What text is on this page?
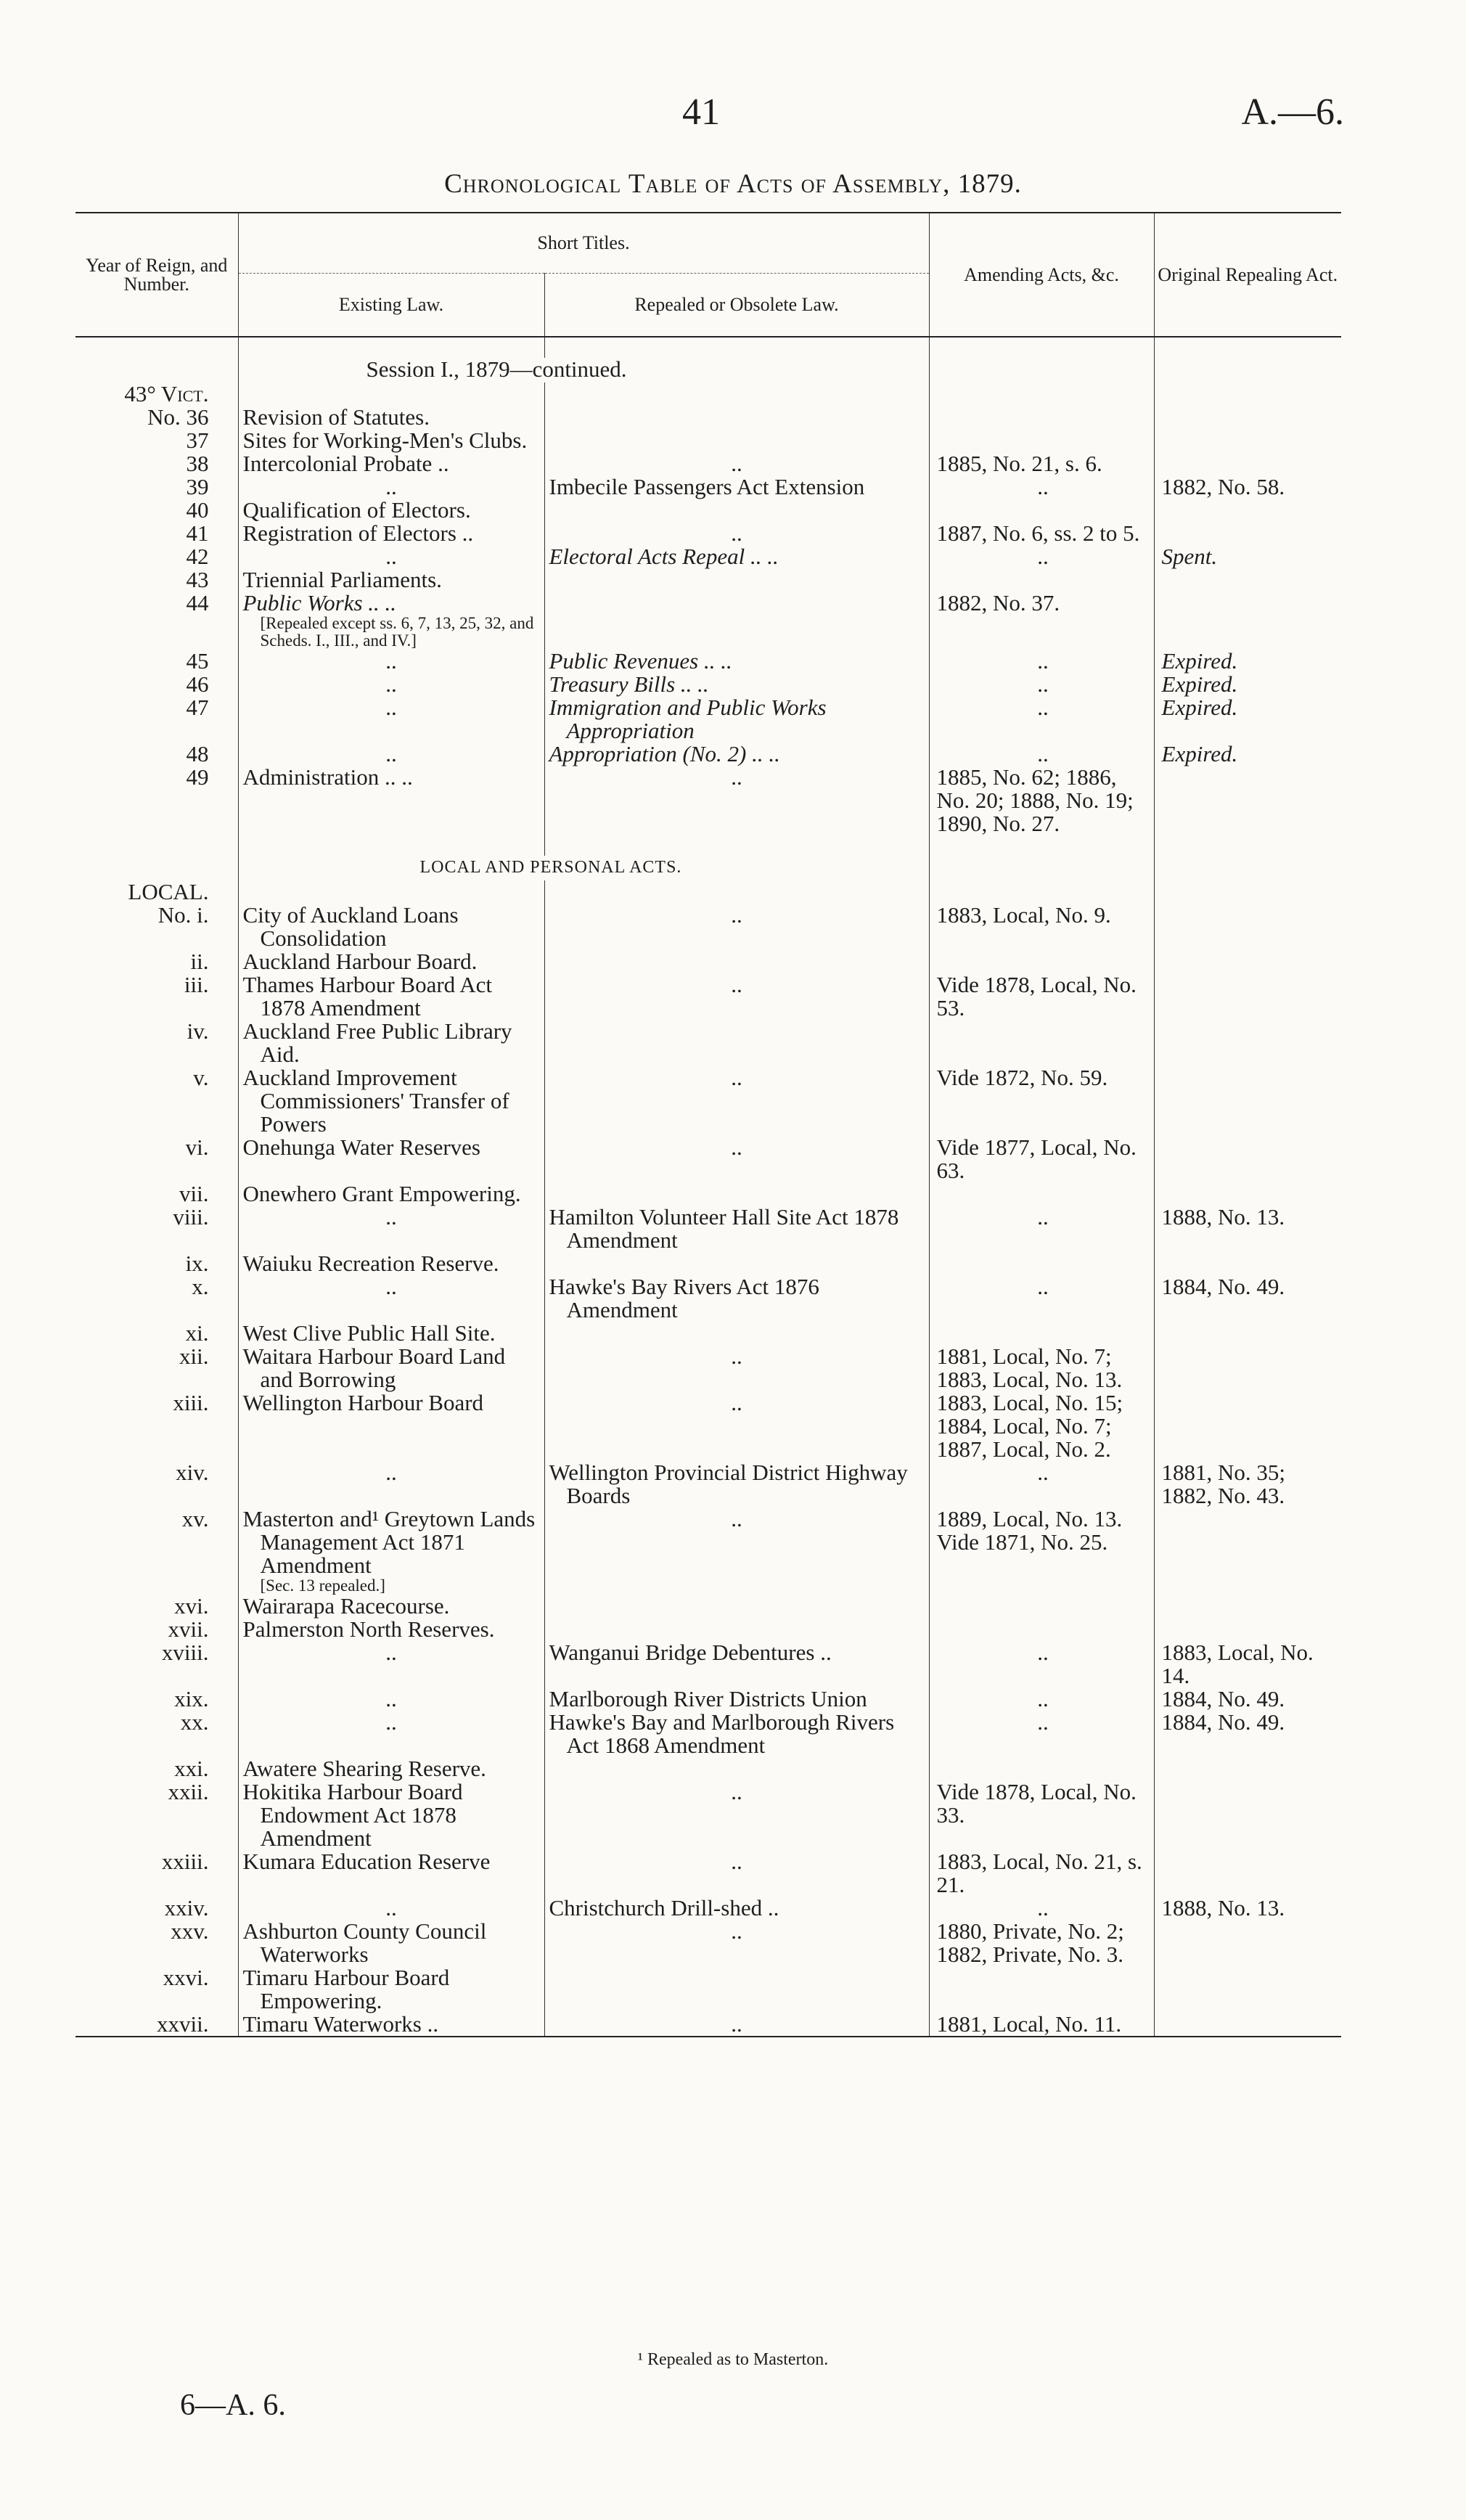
41	A.—6.
Chronological Table of Acts of Assembly, 1879.
Year of Reign, and Number.	Short Titles.		Amending Acts, &c.	Original Repealing Act.
	Existing Law.	Repealed or Obsolete Law.		

	Session I., 1879—continued.			

43° Vict.	

No. 36	Revision of Statutes.			

37	Sites for Working-Men's Clubs.			

38	Intercolonial Probate ..	..	1885, No. 21, s. 6.	
39	..	Imbecile Passengers Act Extension	..	1882, No. 58.
40	Qualification of Electors.			

41	Registration of Electors ..	..	1887, No. 6, ss. 2 to 5.	
42	..	Electoral Acts Repeal .. ..	..	Spent.
43	Triennial Parliaments.			

44	Public Works .. ..
[Repealed except ss. 6, 7, 13, 25, 32, and Scheds. I., III., and IV.]		1882, No. 37.	
45	..	Public Revenues .. ..	..	Expired.
46	..	Treasury Bills .. ..	..	Expired.
47	..	Immigration and Public Works Appropriation	..	Expired.
48	..	Appropriation (No. 2) .. ..	..	Expired.
49	Administration .. ..	..	1885, No. 62; 1886, No. 20; 1888, No. 19; 1890, No. 27.	

	LOCAL AND PERSONAL ACTS.			

LOCAL.	

No. i.	City of Auckland Loans Consolidation	..	1883, Local, No. 9.	
ii.	Auckland Harbour Board.			

iii.	Thames Harbour Board Act 1878 Amendment	..	Vide 1878, Local, No. 53.	
iv.	Auckland Free Public Library Aid.			

v.	Auckland Improvement Commissioners' Transfer of Powers	..	Vide 1872, No. 59.	
vi.	Onehunga Water Reserves	..	Vide 1877, Local, No. 63.	
vii.	Onewhero Grant Empowering.			

viii.	..	Hamilton Volunteer Hall Site Act 1878 Amendment	..	1888, No. 13.
ix.	Waiuku Recreation Reserve.			

x.	..	Hawke's Bay Rivers Act 1876 Amendment	..	1884, No. 49.
xi.	West Clive Public Hall Site.			

xii.	Waitara Harbour Board Land and Borrowing	..	1881, Local, No. 7; 1883, Local, No. 13.	
xiii.	Wellington Harbour Board	..	1883, Local, No. 15; 1884, Local, No. 7; 1887, Local, No. 2.	
xiv.	..	Wellington Provincial District Highway Boards	..	1881, No. 35; 1882, No. 43.
xv.	Masterton and¹ Greytown Lands Management Act 1871 Amendment
[Sec. 13 repealed.]	..	1889, Local, No. 13. Vide 1871, No. 25.	
xvi.	Wairarapa Racecourse.			

xvii.	Palmerston North Reserves.			

xviii.	..	Wanganui Bridge Debentures ..	..	1883, Local, No. 14.
xix.	..	Marlborough River Districts Union	..	1884, No. 49.
xx.	..	Hawke's Bay and Marlborough Rivers Act 1868 Amendment	..	1884, No. 49.
xxi.	Awatere Shearing Reserve.			

xxii.	Hokitika Harbour Board Endowment Act 1878 Amendment	..	Vide 1878, Local, No. 33.	
xxiii.	Kumara Education Reserve	..	1883, Local, No. 21, s. 21.	
xxiv.	..	Christchurch Drill-shed ..	..	1888, No. 13.
xxv.	Ashburton County Council Waterworks	..	1880, Private, No. 2; 1882, Private, No. 3.	
xxvi.	Timaru Harbour Board Empowering.			

xxvii.	Timaru Waterworks ..	..	1881, Local, No. 11.	

¹ Repealed as to Masterton.
6—A. 6.
